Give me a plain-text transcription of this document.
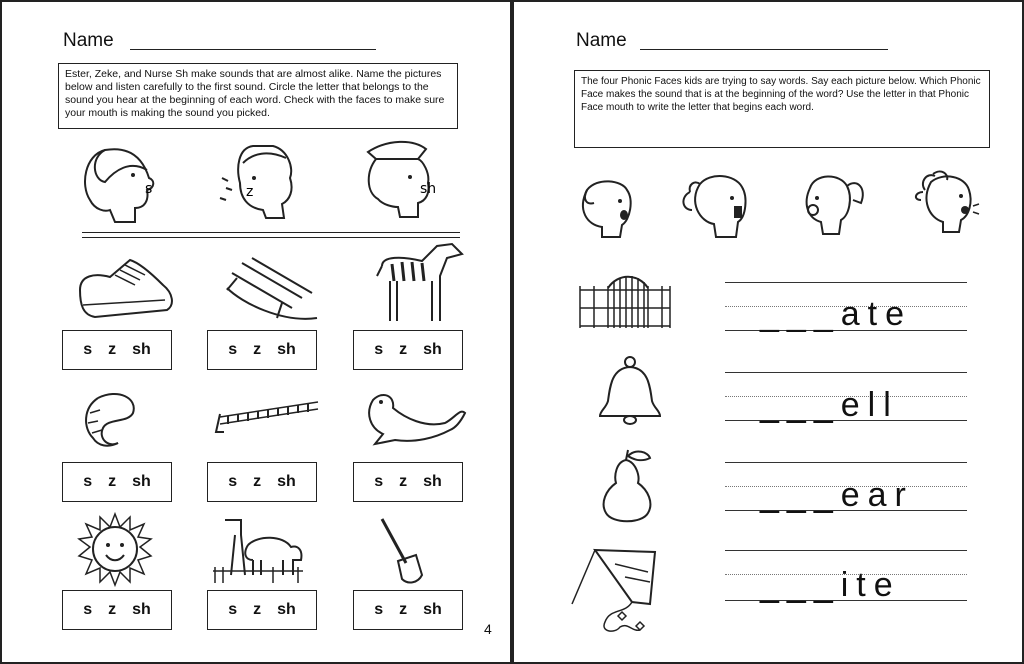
Name
Ester, Zeke, and Nurse Sh make sounds that are almost alike. Name the pictures below and listen carefully to the first sound. Circle the letter that belongs to the sound you hear at the beginning of each word. Check with the faces to make sure your mouth is making the sound you picked.
s	z	sh
s z sh	s z sh	s z sh
s z sh	s z sh	s z sh
s z sh	s z sh	s z sh
4
Name
The four Phonic Faces kids are trying to say words. Say each picture below. Which Phonic Face makes the sound that is at the beginning of the word? Use the letter in that Phonic Face mouth to write the letter that begins each word.
___ate
___ell
___ear
___ite
